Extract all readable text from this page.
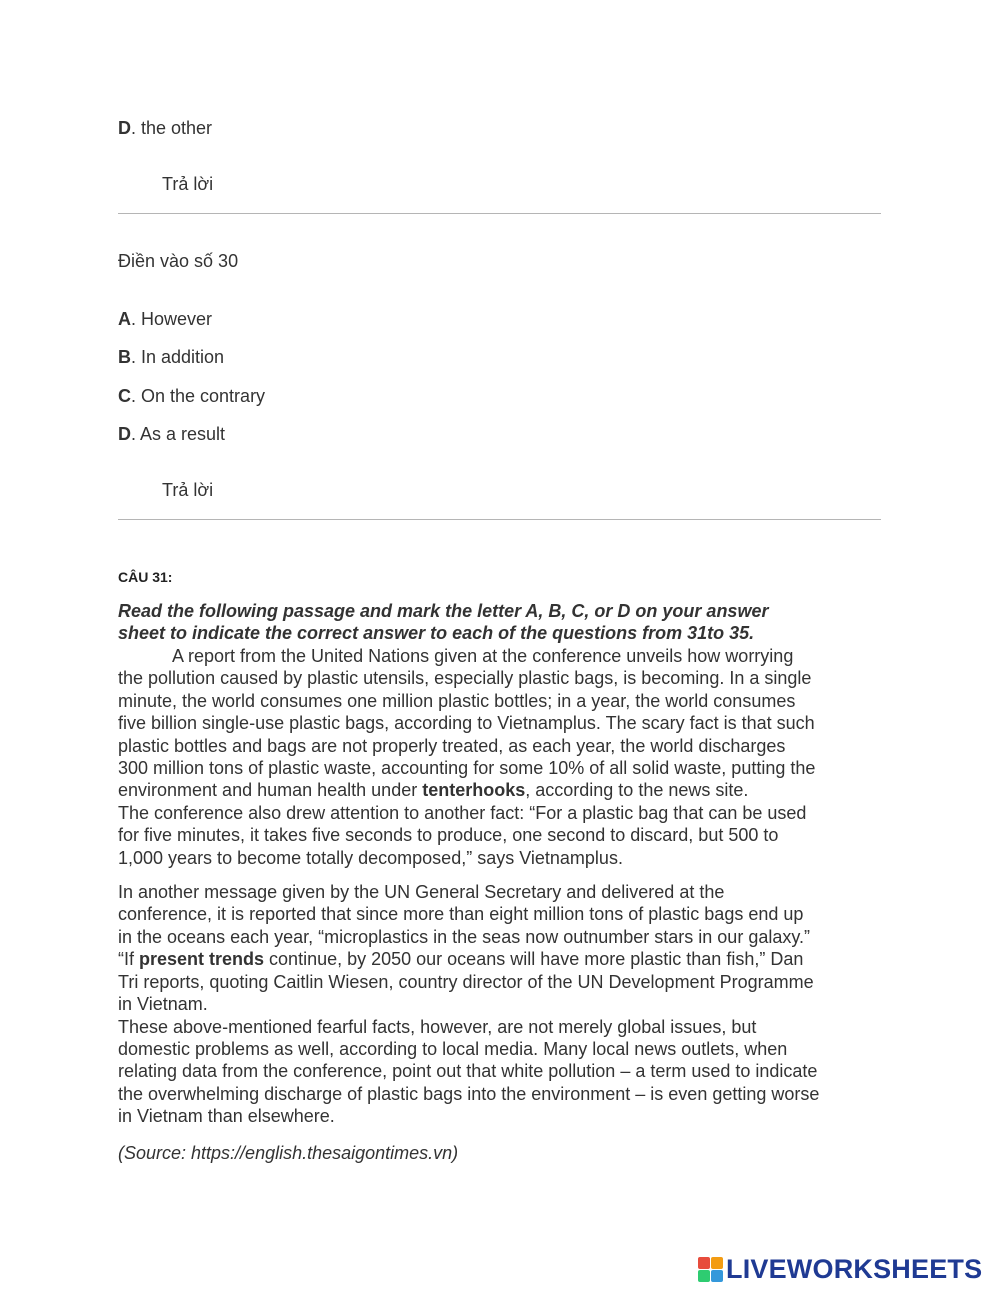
D. the other
Trả lời
Điền vào số 30
A. However
B. In addition
C. On the contrary
D. As a result
Trả lời
CÂU 31:
Read the following passage and mark the letter A, B, C, or D on your answer
sheet to indicate the correct answer to each of the questions from 31to 35.

A report from the United Nations given at the conference unveils how worrying
the pollution caused by plastic utensils, especially plastic bags, is becoming. In a single
minute, the world consumes one million plastic bottles; in a year, the world consumes
five billion single-use plastic bags, according to Vietnamplus. The scary fact is that such
plastic bottles and bags are not properly treated, as each year, the world discharges
300 million tons of plastic waste, accounting for some 10% of all solid waste, putting the
environment and human health under tenterhooks, according to the news site.

The conference also drew attention to another fact: “For a plastic bag that can be used
for five minutes, it takes five seconds to produce, one second to discard, but 500 to
1,000 years to become totally decomposed,” says Vietnamplus.

In another message given by the UN General Secretary and delivered at the
conference, it is reported that since more than eight million tons of plastic bags end up
in the oceans each year, “microplastics in the seas now outnumber stars in our galaxy.”
“If present trends continue, by 2050 our oceans will have more plastic than fish,” Dan
Tri reports, quoting Caitlin Wiesen, country director of the UN Development Programme
in Vietnam.

These above-mentioned fearful facts, however, are not merely global issues, but
domestic problems as well, according to local media. Many local news outlets, when
relating data from the conference, point out that white pollution – a term used to indicate
the overwhelming discharge of plastic bags into the environment – is even getting worse
in Vietnam than elsewhere.

(Source: https://english.thesaigontimes.vn)
LIVEWORKSHEETS
